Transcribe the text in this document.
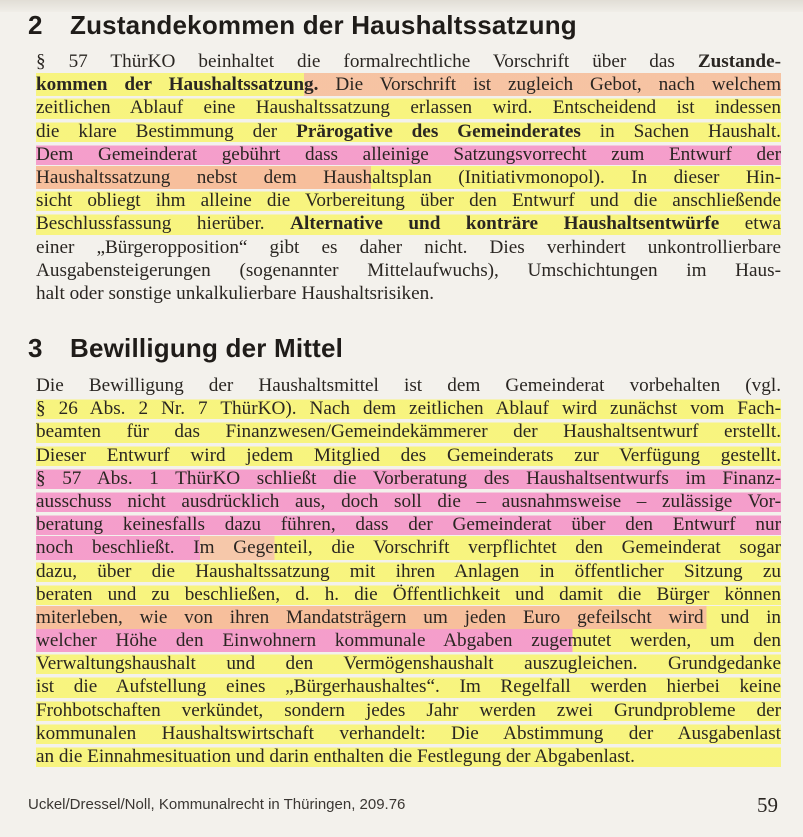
2 Zustandekommen der Haushaltssatzung
§ 57 ThürKO beinhaltet die formalrechtliche Vorschrift über das Zustande-
kommen der Haushaltssatzung. Die Vorschrift ist zugleich Gebot, nach welchem
zeitlichen Ablauf eine Haushaltssatzung erlassen wird. Entscheidend ist indessen
die klare Bestimmung der Prärogative des Gemeinderates in Sachen Haushalt.
Dem Gemeinderat gebührt dass alleinige Satzungsvorrecht zum Entwurf der
Haushaltssatzung nebst dem Haushaltsplan (Initiativmonopol). In dieser Hin-
sicht obliegt ihm alleine die Vorbereitung über den Entwurf und die anschließende
Beschlussfassung hierüber. Alternative und konträre Haushaltsentwürfe etwa
einer „Bürgeropposition“ gibt es daher nicht. Dies verhindert unkontrollierbare
Ausgabensteigerungen (sogenannter Mittelaufwuchs), Umschichtungen im Haus-
halt oder sonstige unkalkulierbare Haushaltsrisiken.
3 Bewilligung der Mittel
Die Bewilligung der Haushaltsmittel ist dem Gemeinderat vorbehalten (vgl.
§ 26 Abs. 2 Nr. 7 ThürKO). Nach dem zeitlichen Ablauf wird zunächst vom Fach-
beamten für das Finanzwesen/Gemeindekämmerer der Haushaltsentwurf erstellt.
Dieser Entwurf wird jedem Mitglied des Gemeinderats zur Verfügung gestellt.
§ 57 Abs. 1 ThürKO schließt die Vorberatung des Haushaltsentwurfs im Finanz-
ausschuss nicht ausdrücklich aus, doch soll die – ausnahmsweise – zulässige Vor-
beratung keinesfalls dazu führen, dass der Gemeinderat über den Entwurf nur
noch beschließt. Im Gegenteil, die Vorschrift verpflichtet den Gemeinderat sogar
dazu, über die Haushaltssatzung mit ihren Anlagen in öffentlicher Sitzung zu
beraten und zu beschließen, d. h. die Öffentlichkeit und damit die Bürger können
miterleben, wie von ihren Mandatsträgern um jeden Euro gefeilscht wird und in
welcher Höhe den Einwohnern kommunale Abgaben zugemutet werden, um den
Verwaltungshaushalt und den Vermögenshaushalt auszugleichen. Grundgedanke
ist die Aufstellung eines „Bürgerhaushaltes“. Im Regelfall werden hierbei keine
Frohbotschaften verkündet, sondern jedes Jahr werden zwei Grundprobleme der
kommunalen Haushaltswirtschaft verhandelt: Die Abstimmung der Ausgabenlast
an die Einnahmesituation und darin enthalten die Festlegung der Abgabenlast.
Uckel/Dressel/Noll, Kommunalrecht in Thüringen, 209.76	59
